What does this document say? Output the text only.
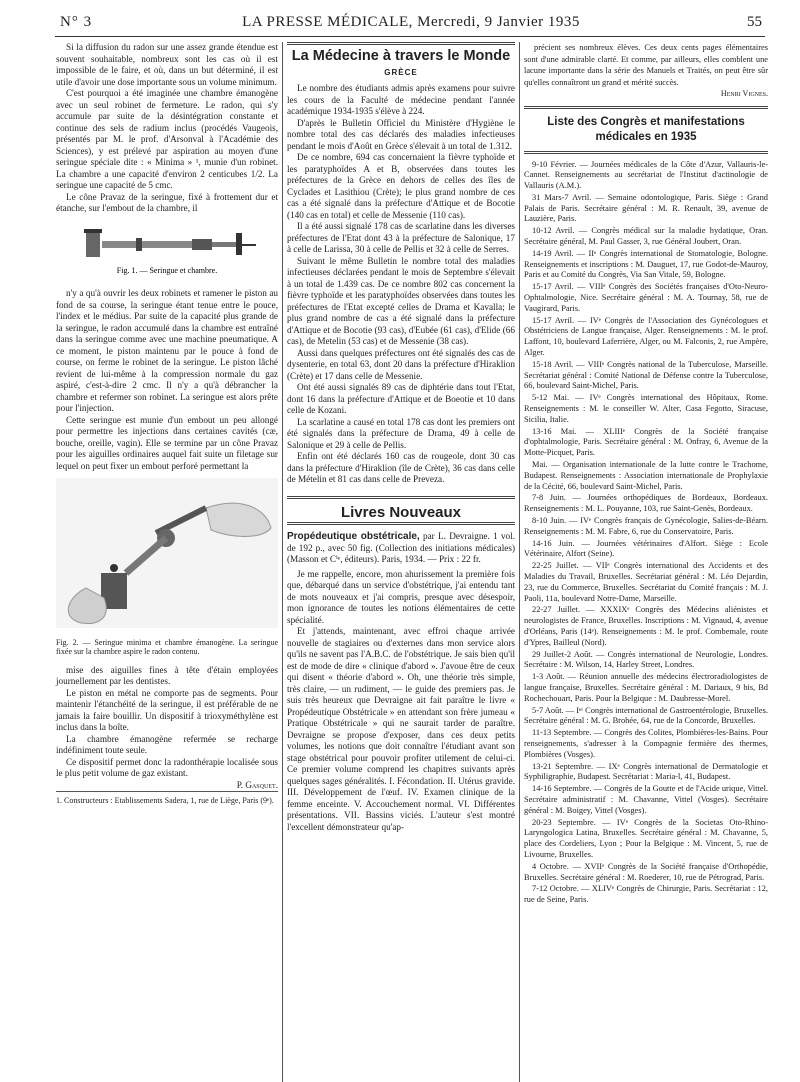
N° 3	LA PRESSE MÉDICALE, Mercredi, 9 Janvier 1935	55

Si la diffusion du radon sur une assez grande étendue est souvent souhaitable, nombreux sont les cas où il est impossible de le faire, et où, dans un but déterminé, il est utile d'avoir une dose importante sous un volume minimum.

C'est pourquoi a été imaginée une chambre émanogène avec un seul robinet de fermeture. Le radon, qui s'y accumule par suite de la désintégration constante et continue des sels de radium inclus (procédés Vaugeois, présentés par M. le prof. d'Arsonval à l'Académie des Sciences), y est prélevé par aspiration au moyen d'une seringue spéciale dite : « Minima » ¹, munie d'un robinet. La chambre a une capacité d'environ 2 centicubes 1/2. La seringue une capacité de 5 cmc.

Le cône Pravaz de la seringue, fixé à frottement dur et étanche, sur l'embout de la chambre, il

Fig. 1. — Seringue et chambre.

n'y a qu'à ouvrir les deux robinets et ramener le piston au fond de sa course, la seringue étant tenue entre le pouce, l'index et le médius. Par suite de la capacité plus grande de la seringue, le radon accumulé dans la chambre est entraîné dans la seringue comme avec une machine pneumatique. A ce moment, le piston maintenu par le pouce à fond de course, on ferme le robinet de la seringue. Le piston lâché revient de lui-même à la compression normale du gaz aspiré, c'est-à-dire 2 cmc. Il n'y a qu'à débrancher la chambre et refermer son robinet. La seringue est alors prête pour l'injection.

Cette seringue est munie d'un embout un peu allongé pour permettre les injections dans certaines cavités (cæ, bouche, oreille, vagin). Elle se termine par un cône Pravaz pour les aiguilles ordinaires auquel fait suite un filetage sur lequel on peut fixer un embout perforé permettant la

Fig. 2. — Seringue minima et chambre émanogène. La seringue fixée sur la chambre aspire le radon contenu.

mise des aiguilles fines à tête d'étain employées journellement par les dentistes.

Le piston en métal ne comporte pas de segments. Pour maintenir l'étanchéité de la seringue, il est préférable de ne jamais la faire bouillir. Un dispositif à trioxyméthylène est inclus dans la boîte.

La chambre émanogène refermée se recharge indéfiniment toute seule.

Ce dispositif permet donc la radonthérapie localisée sous le plus petit volume de gaz existant.

P. Gasquet.

1. Constructeurs : Etablissements Sadera, 1, rue de Liège, Paris (9ᵉ).

La Médecine à travers le Monde
GRÈCE

Le nombre des étudiants admis après examens pour suivre les cours de la Faculté de médecine pendant l'année académique 1934-1935 s'élève à 224.

D'après le Bulletin Officiel du Ministère d'Hygiène le nombre total des cas déclarés des maladies infectieuses pendant le mois d'Août en Grèce s'élevait à un total de 1.312.

De ce nombre, 694 cas concernaient la fièvre typhoïde et les paratyphoïdes A et B, observées dans toutes les préfectures de la Grèce en dehors de celles des îles de Cyclades et Lasithiou (Crète); le plus grand nombre de ces cas a été signalé dans la préfecture d'Attique et de Bocotie (140 cas en total) et celle de Messenie (110 cas).

Il a été aussi signalé 178 cas de scarlatine dans les diverses préfectures de l'Etat dont 43 à la préfecture de Salonique, 17 à celle de Larissa, 30 à celle de Pellis et 32 à celle de Serres.

Suivant le même Bulletin le nombre total des maladies infectieuses déclarées pendant le mois de Septembre s'élevait à un total de 1.439 cas. De ce nombre 802 cas concernent la fièvre typhoïde et les paratyphoïdes observées dans toutes les préfectures de l'Etat excepté celles de Drama et Kavalla; le plus grand nombre de cas a été signalé dans la préfecture d'Attique et de Bocotie (93 cas), d'Eubée (61 cas), d'Elide (66 cas), de Metelin (53 cas) et de Messenie (38 cas).

Aussi dans quelques préfectures ont été signalés des cas de dysenterie, en total 63, dont 20 dans la préfecture d'Hiraklion (Crète) et 17 dans celle de Messenie.

Ont été aussi signalés 89 cas de diphtérie dans tout l'Etat, dont 16 dans la préfecture d'Attique et de Boeotie et 10 dans celle de Kozani.

La scarlatine a causé en total 178 cas dont les premiers ont été signalés dans la préfecture de Drama, 49 à celle de Salonique et 29 à celle de Pellis.

Enfin ont été déclarés 160 cas de rougeole, dont 30 cas dans la préfecture d'Hiraklion (île de Crète), 36 cas dans celle de Mételin et 81 cas dans celle de Preveza.

Livres Nouveaux

Propédeutique obstétricale, par L. Devraigne. 1 vol. de 192 p., avec 50 fig. (Collection des initiations médicales) (Masson et Cⁱᵉ, éditeurs). Paris, 1934. — Prix : 22 fr.

Je me rappelle, encore, mon ahurissement la première fois que, débarqué dans un service d'obstétrique, j'ai entendu tant de mots nouveaux et j'ai compris, presque avec désespoir, mon ignorance de toutes les notions élémentaires de cette spécialité.

Et j'attends, maintenant, avec effroi chaque arrivée nouvelle de stagiaires ou d'externes dans mon service alors qu'ils ne savent pas l'A.B.C. de l'obstétrique. Je sais bien qu'il est de mode de dire « clinique d'abord ». J'avoue être de ceux qui disent « théorie d'abord ». Oh, une théorie très simple, très claire, — un rudiment, — le guide des premiers pas. Je suis très heureux que Devraigne ait fait paraître le livre « Propédeutique Obstétricale » en attendant son frère jumeau « Pratique Obstétricale » qui ne saurait tarder de paraître. Devraigne se propose d'exposer, dans ces deux petits volumes, les notions que doit connaître l'étudiant avant son stage obstétrical pour pouvoir profiter utilement de celui-ci. Ce premier volume comprend les chapitres suivants après quelques sages généralités. I. Fécondation. II. Utérus gravide. III. Développement de l'œuf. IV. Examen clinique de la femme enceinte. V. Accouchement normal. VI. Différentes présentations. VII. Bassins viciés. L'auteur s'est montré l'excellent démonstrateur qu'ap-

précient ses nombreux élèves. Ces deux cents pages élémentaires sont d'une admirable clarté. Et comme, par ailleurs, elles comblent une lacune importante dans la série des Manuels et Traités, on peut être sûr qu'elles connaîtront un grand et mérité succès.

Henri Vignes.

Liste des Congrès et manifestations médicales en 1935

9-10 Février. — Journées médicales de la Côte d'Azur, Vallauris-le-Cannet. Renseignements au secrétariat de l'Institut d'actinologie de Vallauris (A.M.).

31 Mars-7 Avril. — Semaine odontologique, Paris. Siège : Grand Palais de Paris. Secrétaire général : M. R. Renault, 39, avenue de Lauzière, Paris.

10-12 Avril. — Congrès médical sur la maladie hydatique, Oran. Secrétaire général, M. Paul Gasser, 3, rue Général Joubert, Oran.

14-19 Avril. — IIᵉ Congrès international de Stomatologie, Bologne. Renseignements et inscriptions : M. Dauguet, 17, rue Godot-de-Mauroy, Paris et au Comité du Congrès, Via San Vitale, 59, Bologne.

15-17 Avril. — VIIIᵉ Congrès des Sociétés françaises d'Oto-Neuro-Ophtalmologie, Nice. Secrétaire général : M. A. Tournay, 58, rue de Vaugirard, Paris.

15-17 Avril. — IVᵉ Congrès de l'Association des Gynécologues et Obstétriciens de Langue française, Alger. Renseignements : M. le prof. Laffont, 10, boulevard Laferrière, Alger, ou M. Falconis, 2, rue Ampère, Alger.

15-18 Avril. — VIIIᵉ Congrès national de la Tuberculose, Marseille. Secrétariat général : Comité National de Défense contre la Tuberculose, 66, boulevard Saint-Michel, Paris.

5-12 Mai. — IVᵉ Congrès international des Hôpitaux, Rome. Renseignements : M. le conseiller W. Alter, Casa Fegotto, Siracuse, Sicilia, Italie.

13-16 Mai. — XLIIIᵉ Congrès de la Société française d'ophtalmologie, Paris. Secrétaire général : M. Onfray, 6, Avenue de la Motte-Picquet, Paris.

Mai. — Organisation internationale de la lutte contre le Trachome, Budapest. Renseignements : Association internationale de Prophylaxie de la Cécité, 66, boulevard Saint-Michel, Paris.

7-8 Juin. — Journées orthopédiques de Bordeaux, Bordeaux. Renseignements : M. L. Pouyanne, 103, rue Saint-Genès, Bordeaux.

8-10 Juin. — IVᵉ Congrès français de Gynécologie, Salies-de-Béarn. Renseignements : M. M. Fabre, 6, rue du Conservatoire, Paris.

14-16 Juin. — Journées vétérinaires d'Alfort. Siège : Ecole Vétérinaire, Alfort (Seine).

22-25 Juillet. — VIIᵉ Congrès international des Accidents et des Maladies du Travail, Bruxelles. Secrétariat général : M. Léo Dejardin, 23, rue du Commerce, Bruxelles. Secrétariat du Comité français : M. J. Paoli, 11a, boulevard Notre-Dame, Marseille.

22-27 Juillet. — XXXIXᵉ Congrès des Médecins aliénistes et neurologistes de France, Bruxelles. Inscriptions : M. Vignaud, 4, avenue d'Orléans, Paris (14ᵉ). Renseignements : M. le prof. Combemale, route d'Ypres, Bailleul (Nord).

29 Juillet-2 Août. — Congrès international de Neurologie, Londres. Secrétaire : M. Wilson, 14, Harley Street, Londres.

1-3 Août. — Réunion annuelle des médecins électroradiologistes de langue française, Bruxelles. Secrétaire général : M. Dariaux, 9 bis, Bd Rochechouart, Paris. Pour la Belgique : M. Daubresse-Morel.

5-7 Août. — Iᵉʳ Congrès international de Gastroentérologie, Bruxelles. Secrétaire général : M. G. Brohée, 64, rue de la Concorde, Bruxelles.

11-13 Septembre. — Congrès des Colites, Plombières-les-Bains. Pour renseignements, s'adresser à la Compagnie fermière des thermes, Plombières (Vosges).

13-21 Septembre. — IXᵉ Congrès international de Dermatologie et Syphiligraphie, Budapest. Secrétariat : Maria-l, 41, Budapest.

14-16 Septembre. — Congrès de la Goutte et de l'Acide urique, Vittel. Secrétaire administratif : M. Chavanne, Vittel (Vosges). Secrétaire général : M. Boigey, Vittel (Vosges).

20-23 Septembre. — IVᵉ Congrès de la Societas Oto-Rhino-Laryngologica Latina, Bruxelles. Secrétaire général : M. Chavanne, 5, place des Cordeliers, Lyon ; Pour la Belgique : M. Vincent, 5, rue de Livourne, Bruxelles.

4 Octobre. — XVIIᵉ Congrès de la Société française d'Orthopédie, Bruxelles. Secrétaire général : M. Roederer, 10, rue de Pétrograd, Paris.

7-12 Octobre. — XLIVᵉ Congrès de Chirurgie, Paris. Secrétariat : 12, rue de Seine, Paris.
